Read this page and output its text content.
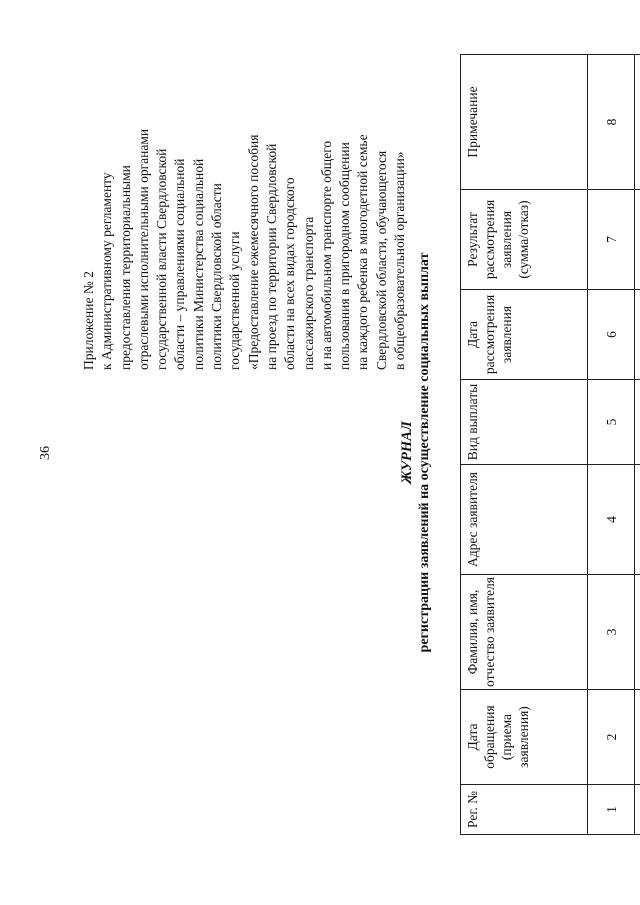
36
Приложение № 2 к Административному регламенту предоставления территориальными отраслевыми исполнительными органами государственной власти Свердловской области – управлениями социальной политики Министерства социальной политики Свердловской области государственной услуги «Предоставление ежемесячного пособия на проезд по территории Свердловской области на всех видах городского пассажирского транспорта и на автомобильном транспорте общего пользования в пригородном сообщении на каждого ребенка в многодетной семье Свердловской области, обучающегося в общеобразовательной организации»
ЖУРНАЛ регистрации заявлений на осуществление социальных выплат
Рег. №	Дата обращения (приема заявления)	Фамилия, имя, отчество заявителя	Адрес заявителя	Вид выплаты	Дата рассмотрения заявления	Результат рассмотрения заявления (сумма/отказ)	Примечание
1	2	3	4	5	6	7	8
